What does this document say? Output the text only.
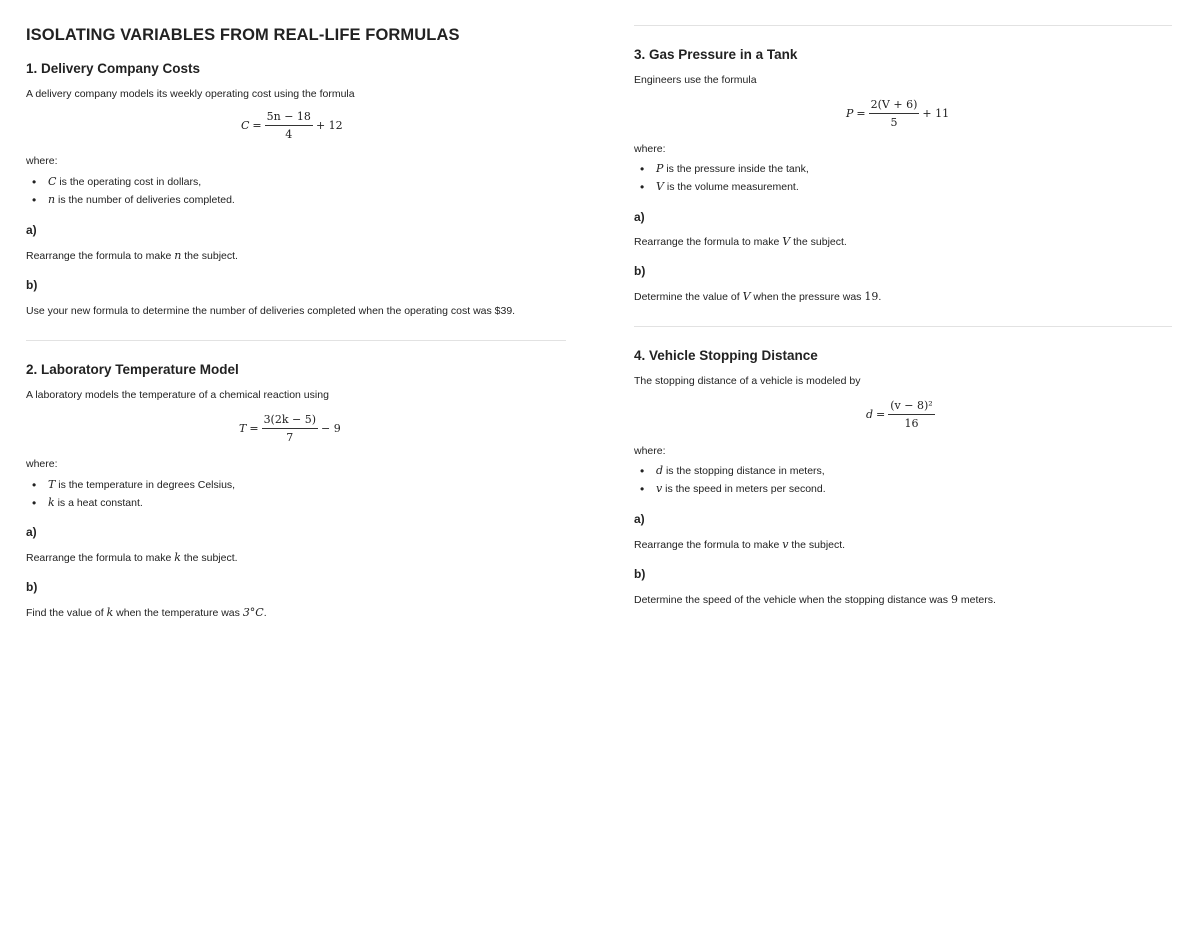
ISOLATING VARIABLES FROM REAL-LIFE FORMULAS
1. Delivery Company Costs

A delivery company models its weekly operating cost using the formula

$C = \frac{5n - 18}{4} + 12$

where:

• C is the operating cost in dollars,
• n is the number of deliveries completed.

a)

Rearrange the formula to make n the subject.

b)

Use your new formula to determine the number of deliveries completed when the operating cost was $39.

2. Laboratory Temperature Model

A laboratory models the temperature of a chemical reaction using

$T = \frac{3(2k - 5)}{7} - 9$

where:

• T is the temperature in degrees Celsius,
• k is a heat constant.

a)

Rearrange the formula to make k the subject.

b)

Find the value of k when the temperature was 3°C.

3. Gas Pressure in a Tank

Engineers use the formula

$P = \frac{2(V + 6)}{5} + 11$

where:

• P is the pressure inside the tank,
• V is the volume measurement.

a)

Rearrange the formula to make V the subject.

b)

Determine the value of V when the pressure was 19.

4. Vehicle Stopping Distance

The stopping distance of a vehicle is modeled by

$d = \frac{\text{(v − 8)²}}{16}$

where:

• d is the stopping distance in meters,
• v is the speed in meters per second.

a)

Rearrange the formula to make v the subject.

b)

Determine the speed of the vehicle when the stopping distance was 9 meters.
